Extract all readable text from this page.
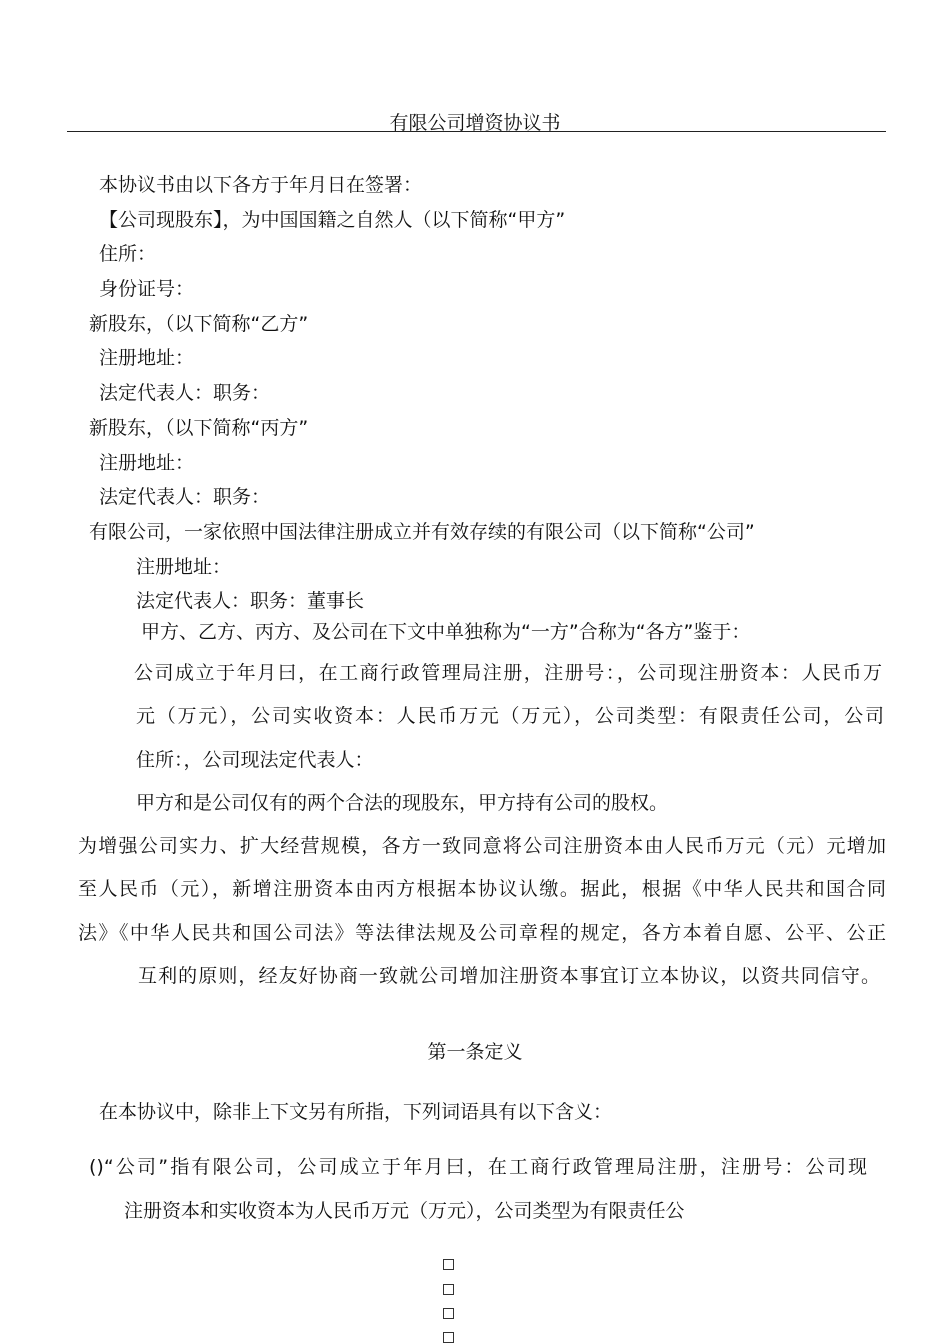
有限公司增资协议书
本协议书由以下各方于年月日在签署：
【公司现股东】，为中国国籍之自然人（以下简称“甲方”
住所：
身份证号：
新股东，（以下简称“乙方”
注册地址：
法定代表人：职务：
新股东，（以下简称“丙方”
注册地址：
法定代表人：职务：
有限公司，一家依照中国法律注册成立并有效存续的有限公司（以下简称“公司”
注册地址：
法定代表人：职务：董事长
甲方、乙方、丙方、及公司在下文中单独称为“一方”合称为“各方”鉴于：
公司成立于年月曰，在工商行政管理局注册，注册号：，公司现注册资本：人民币万
元（万元），公司实收资本：人民币万元（万元），公司类型：有限责任公司，公司
住所：，公司现法定代表人：
甲方和是公司仅有的两个合法的现股东，甲方持有公司的股权。
为增强公司实力、扩大经营规模，各方一致同意将公司注册资本由人民币万元（元）元增加
至人民币（元），新增注册资本由丙方根据本协议认缴。据此，根据《中华人民共和国合同
法》《中华人民共和国公司法》等法律法规及公司章程的规定，各方本着自愿、公平、公正
互利的原则，经友好协商一致就公司增加注册资本事宜订立本协议，以资共同信守。
第一条定义
在本协议中，除非上下文另有所指，下列词语具有以下含义：
()“公司”指有限公司，公司成立于年月曰，在工商行政管理局注册，注册号：公司现
注册资本和实收资本为人民币万元（万元），公司类型为有限责任公
